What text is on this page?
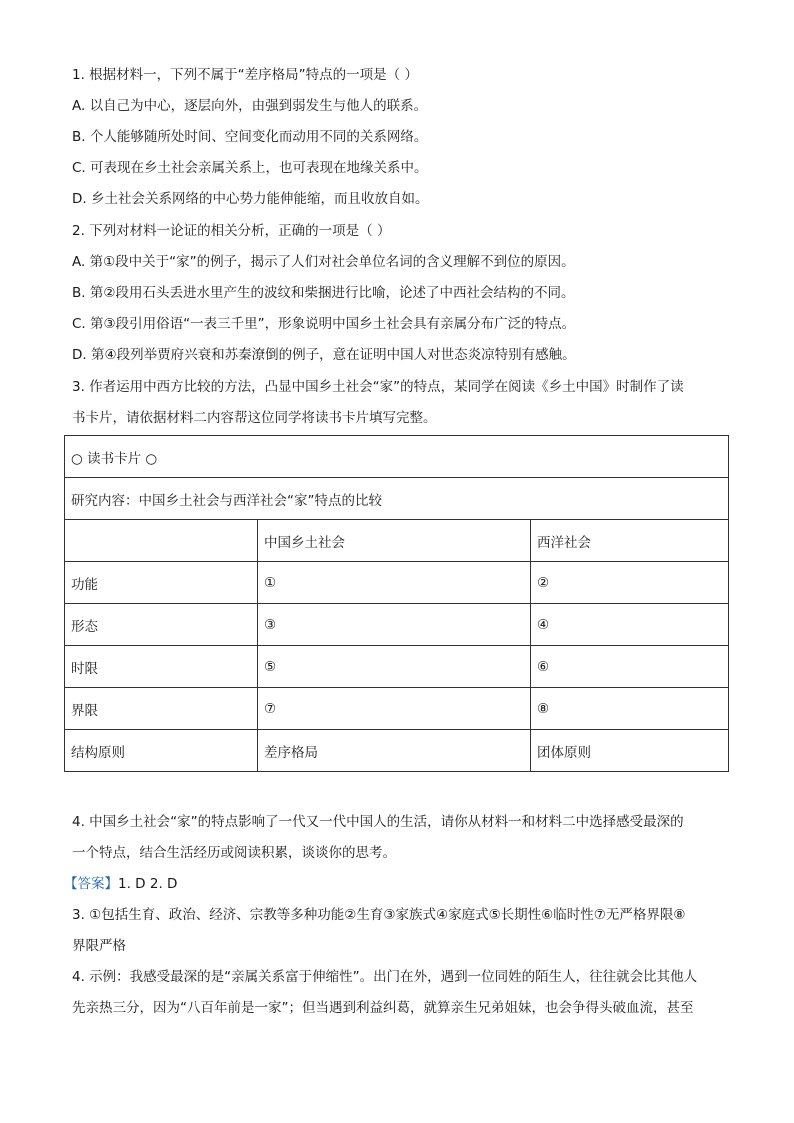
1. 根据材料一，下列不属于“差序格局”特点的一项是（ ）
A. 以自己为中心，逐层向外，由强到弱发生与他人的联系。
B. 个人能够随所处时间、空间变化而动用不同的关系网络。
C. 可表现在乡土社会亲属关系上，也可表现在地缘关系中。
D. 乡土社会关系网络的中心势力能伸能缩，而且收放自如。
2. 下列对材料一论证的相关分析，正确的一项是（ ）
A. 第①段中关于“家”的例子，揭示了人们对社会单位名词的含义理解不到位的原因。
B. 第②段用石头丢进水里产生的波纹和柴捆进行比喻，论述了中西社会结构的不同。
C. 第③段引用俗语“一表三千里”，形象说明中国乡土社会具有亲属分布广泛的特点。
D. 第④段列举贾府兴衰和苏秦潦倒的例子，意在证明中国人对世态炎凉特别有感触。
3. 作者运用中西方比较的方法，凸显中国乡土社会“家”的特点，某同学在阅读《乡土中国》时制作了读
书卡片，请依据材料二内容帮这位同学将读书卡片填写完整。
○ 读书卡片 ○		
研究内容：中国乡土社会与西洋社会“家”特点的比较		
	中国乡土社会	西洋社会
功能	①	②
形态	③	④
时限	⑤	⑥
界限	⑦	⑧
结构原则	差序格局	团体原则
4. 中国乡土社会“家”的特点影响了一代又一代中国人的生活，请你从材料一和材料二中选择感受最深的
一个特点，结合生活经历或阅读积累，谈谈你的思考。
【答案】1. D 2. D
3. ①包括生育、政治、经济、宗教等多种功能②生育③家族式④家庭式⑤长期性⑥临时性⑦无严格界限⑧
界限严格
4. 示例：我感受最深的是“亲属关系富于伸缩性”。出门在外，遇到一位同姓的陌生人，往往就会比其他人
先亲热三分，因为“八百年前是一家”；但当遇到利益纠葛，就算亲生兄弟姐妹，也会争得头破血流，甚至
